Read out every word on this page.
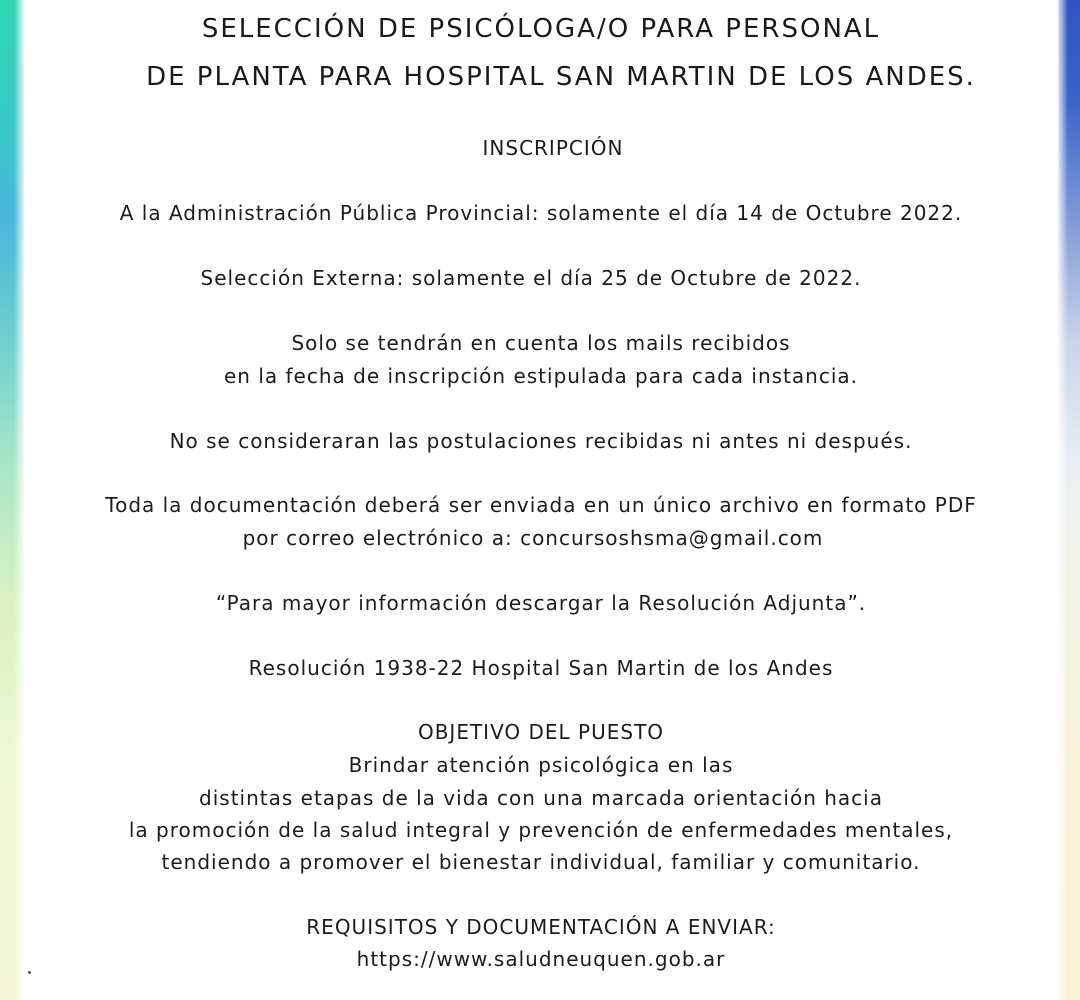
SELECCIÓN DE PSICÓLOGA/O PARA PERSONAL
DE PLANTA PARA HOSPITAL SAN MARTIN DE LOS ANDES.
INSCRIPCIÓN
A la Administración Pública Provincial: solamente el día 14 de Octubre 2022.
Selección Externa: solamente el día 25 de Octubre de 2022.
Solo se tendrán en cuenta los mails recibidos
en la fecha de inscripción estipulada para cada instancia.
No se consideraran las postulaciones recibidas ni antes ni después.
Toda la documentación deberá ser enviada en un único archivo en formato PDF
por correo electrónico a: concursoshsma@gmail.com
“Para mayor información descargar la Resolución Adjunta”.
Resolución 1938-22 Hospital San Martin de los Andes
OBJETIVO DEL PUESTO
Brindar atención psicológica en las
distintas etapas de la vida con una marcada orientación hacia
la promoción de la salud integral y prevención de enfermedades mentales,
tendiendo a promover el bienestar individual, familiar y comunitario.
REQUISITOS Y DOCUMENTACIÓN A ENVIAR:
https://www.saludneuquen.gob.ar
